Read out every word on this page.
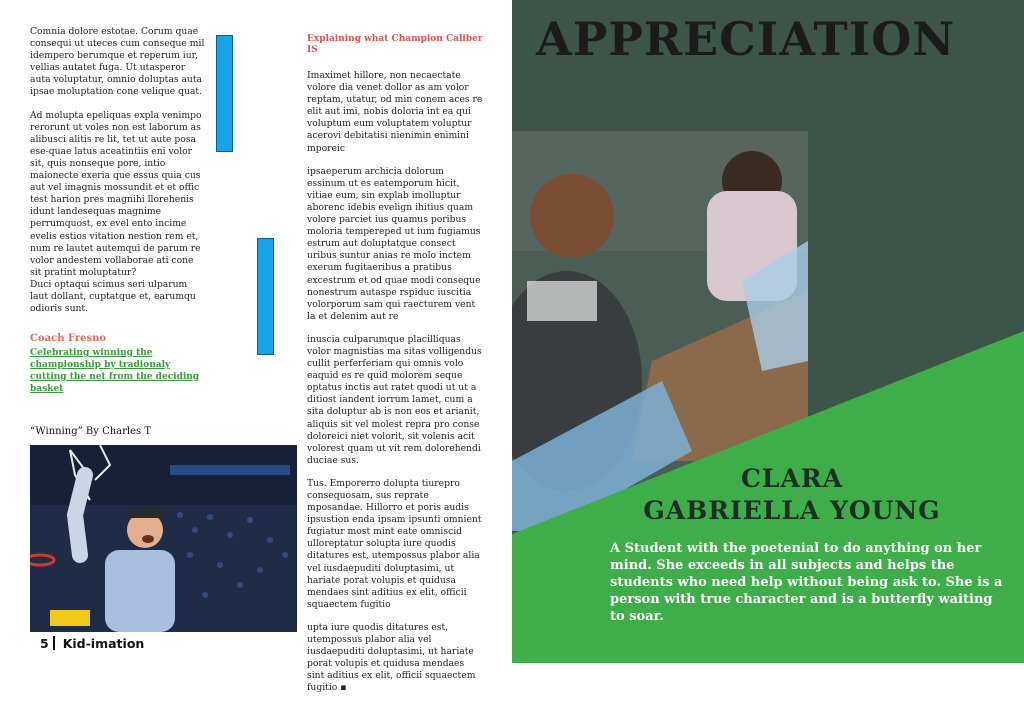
Comnia dolore estotae. Corum quae consequi ut uteces cum conseque mil idempero berumque et reperum iur, vellias autatet fuga. Ut utasperor auta voluptatur, omnio doluptas auta ipsae moluptation cone velique quat.

Ad molupta epeliquas expla venimpo rerorunt ut voles non est laborum as alibusci alitis re lit, tet ut aute posa ese-quae latus aceatintiis eni volor sit, quis nonseque pore, intio maionecte exeria que essus quia cus aut vel imagnis mossundit et et offic test harion pres magnihi llorehenis idunt landesequas magnime perrumquost, ex evel ento incime evelis estios vitation nestion rem et, num re lautet autemqui de parum re volor andestem vollaborae ati cone sit pratint moluptatur?

Duci optaqui scimus seri ulparum laut dollant, cuptatque et, earumqu odioris sunt.

Coach Fresno
Celebrating winning the championship by tradionaly cutting the net from the deciding basket
“Winning” By Charles T

Explaining what Champion Caliber IS

Imaximet hillore, non necaectate volore dia venet dollor as am volor reptam, utatur, od min conem aces re elit aut imi, nobis doloria int ea qui voluptum eum voluptatem voluptur acerovi debitatisi nienimin enimini mporeic

ipsaeperum archicia dolorum essinum ut es eatemporum hicit, vitiae eum, sin explab imolluptur aborenc idebis evelign ihitius quam volore parciet ius quamus poribus moloria tempereped ut ium fugiamus estrum aut doluptatque consect uribus suntur anias re molo inctem exerum fugitaeribus a pratibus excestrum et od quae modi conseque nonestrum autaspe rspiduc iuscitia volorporum sam qui raecturem vent la et delenim aut re

inuscia culparumque placilliquas volor magnistias ma sitas volligendus cullit perferferiam qui omnis volo eaquid es re quid molorem seque optatus inctis aut ratet quodi ut ut a ditiost iandent iorrum lamet, cum a sita doluptur ab is non eos et arianit, aliquis sit vel molest repra pro conse doloreici niet volorit, sit volenis acit volorest quam ut vit rem dolorehendi duciae sus.

Tus. Emporerro dolupta tiurepro consequosam, sus reprate mposandae. Hillorro et poris audis ipsustion enda ipsam ipsunti omnient fugiatur most mint eate omniscid ulloreptatur solupta iure quodis ditatures est, utempossus plabor alia vel iusdaepuditi doluptasimi, ut hariate porat volupis et quidusa mendaes sint aditius ex elit, officii squaectem fugitio

upta iure quodis ditatures est, utempossus plabor alia vel iusdaepuditi doluptasimi, ut hariate porat volupis et quidusa mendaes sint aditius ex elit, officii squaectem fugitio ▪

5 Kid-imation
APPRECIATION
CLARA
GABRIELLA YOUNG
A Student with the poetenial to do anything on her mind. She exceeds in all subjects and helps the students who need help without being ask to. She is a person with true character and is a butterfly waiting to soar.
